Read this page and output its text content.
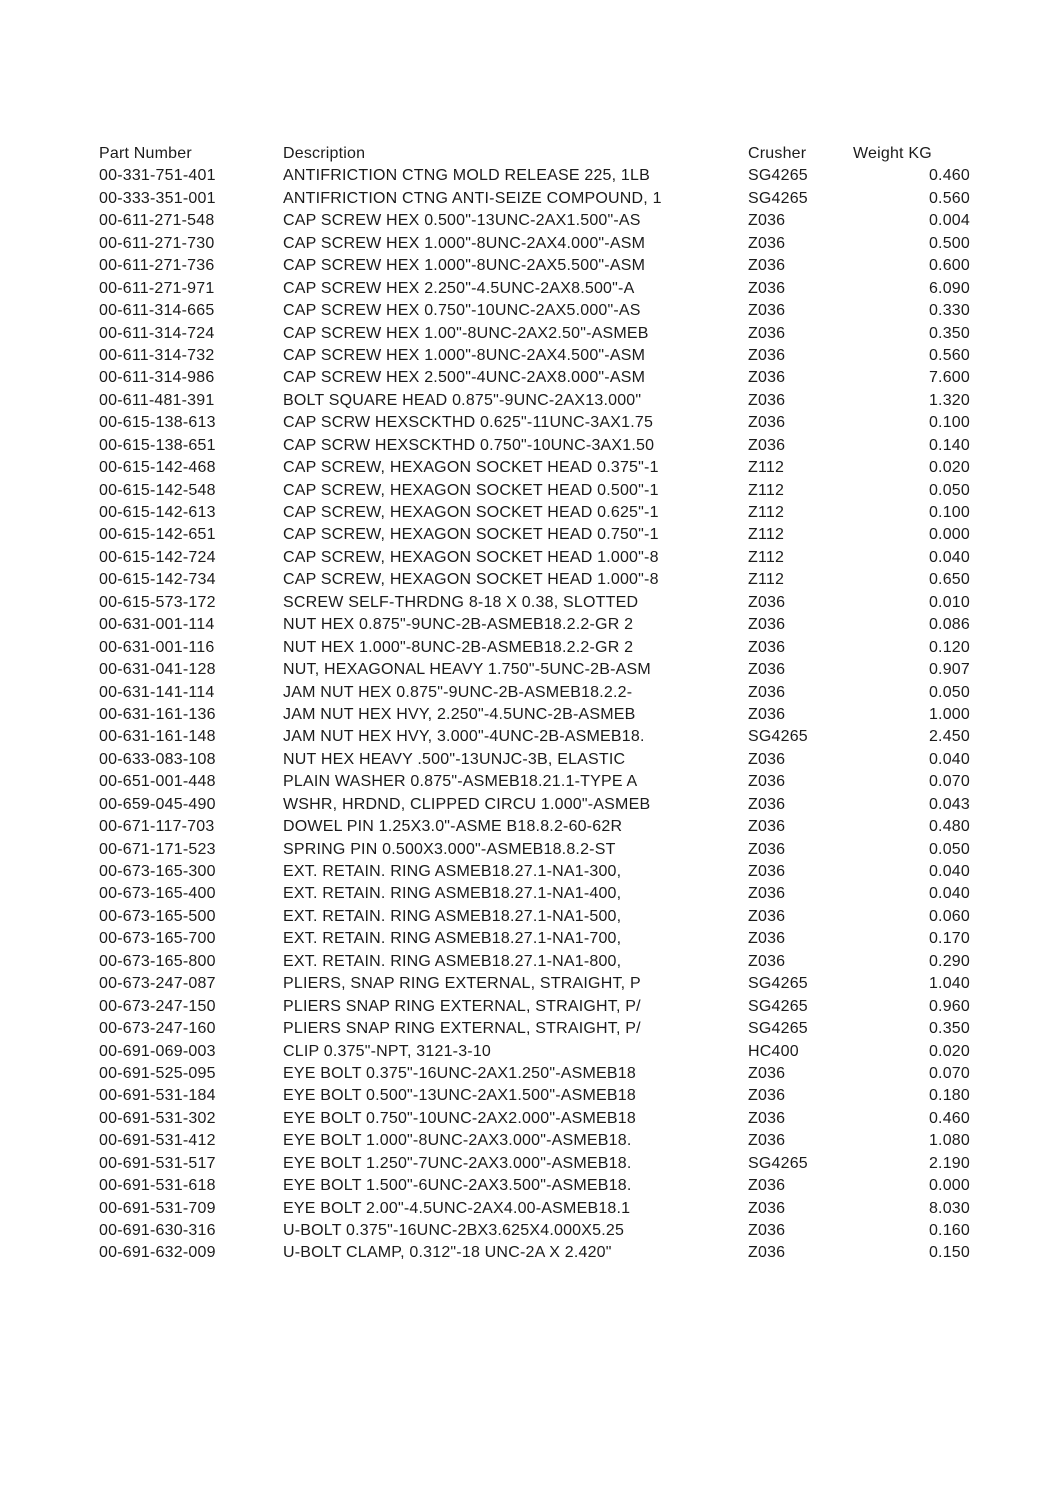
Part Number	Description	Crusher	Weight KG
00-331-751-401	ANTIFRICTION CTNG MOLD RELEASE 225, 1LB	SG4265	0.460
00-333-351-001	ANTIFRICTION CTNG ANTI-SEIZE COMPOUND, 1	SG4265	0.560
00-611-271-548	CAP SCREW HEX 0.500"-13UNC-2AX1.500"-AS	Z036	0.004
00-611-271-730	CAP SCREW HEX 1.000"-8UNC-2AX4.000"-ASM	Z036	0.500
00-611-271-736	CAP SCREW HEX 1.000"-8UNC-2AX5.500"-ASM	Z036	0.600
00-611-271-971	CAP SCREW HEX 2.250"-4.5UNC-2AX8.500"-A	Z036	6.090
00-611-314-665	CAP SCREW HEX 0.750"-10UNC-2AX5.000"-AS	Z036	0.330
00-611-314-724	CAP SCREW HEX 1.00"-8UNC-2AX2.50"-ASMEB	Z036	0.350
00-611-314-732	CAP SCREW HEX 1.000"-8UNC-2AX4.500"-ASM	Z036	0.560
00-611-314-986	CAP SCREW HEX 2.500"-4UNC-2AX8.000"-ASM	Z036	7.600
00-611-481-391	BOLT SQUARE HEAD 0.875"-9UNC-2AX13.000"	Z036	1.320
00-615-138-613	CAP SCRW HEXSCKTHD 0.625"-11UNC-3AX1.75	Z036	0.100
00-615-138-651	CAP SCRW HEXSCKTHD 0.750"-10UNC-3AX1.50	Z036	0.140
00-615-142-468	CAP SCREW, HEXAGON SOCKET HEAD 0.375"-1	Z112	0.020
00-615-142-548	CAP SCREW, HEXAGON SOCKET HEAD 0.500"-1	Z112	0.050
00-615-142-613	CAP SCREW, HEXAGON SOCKET HEAD 0.625"-1	Z112	0.100
00-615-142-651	CAP SCREW, HEXAGON SOCKET HEAD 0.750"-1	Z112	0.000
00-615-142-724	CAP SCREW, HEXAGON SOCKET HEAD 1.000"-8	Z112	0.040
00-615-142-734	CAP SCREW, HEXAGON SOCKET HEAD 1.000"-8	Z112	0.650
00-615-573-172	SCREW SELF-THRDNG 8-18 X 0.38, SLOTTED	Z036	0.010
00-631-001-114	NUT HEX 0.875"-9UNC-2B-ASMEB18.2.2-GR 2	Z036	0.086
00-631-001-116	NUT HEX 1.000"-8UNC-2B-ASMEB18.2.2-GR 2	Z036	0.120
00-631-041-128	NUT, HEXAGONAL HEAVY 1.750"-5UNC-2B-ASM	Z036	0.907
00-631-141-114	JAM NUT HEX 0.875"-9UNC-2B-ASMEB18.2.2-	Z036	0.050
00-631-161-136	JAM NUT HEX HVY, 2.250"-4.5UNC-2B-ASMEB	Z036	1.000
00-631-161-148	JAM NUT HEX HVY, 3.000"-4UNC-2B-ASMEB18.	SG4265	2.450
00-633-083-108	NUT HEX HEAVY .500"-13UNJC-3B, ELASTIC	Z036	0.040
00-651-001-448	PLAIN WASHER 0.875"-ASMEB18.21.1-TYPE A	Z036	0.070
00-659-045-490	WSHR, HRDND, CLIPPED CIRCU 1.000"-ASMEB	Z036	0.043
00-671-117-703	DOWEL PIN 1.25X3.0"-ASME B18.8.2-60-62R	Z036	0.480
00-671-171-523	SPRING PIN 0.500X3.000"-ASMEB18.8.2-ST	Z036	0.050
00-673-165-300	EXT. RETAIN. RING ASMEB18.27.1-NA1-300,	Z036	0.040
00-673-165-400	EXT. RETAIN. RING ASMEB18.27.1-NA1-400,	Z036	0.040
00-673-165-500	EXT. RETAIN. RING ASMEB18.27.1-NA1-500,	Z036	0.060
00-673-165-700	EXT. RETAIN. RING ASMEB18.27.1-NA1-700,	Z036	0.170
00-673-165-800	EXT. RETAIN. RING ASMEB18.27.1-NA1-800,	Z036	0.290
00-673-247-087	PLIERS, SNAP RING EXTERNAL, STRAIGHT, P	SG4265	1.040
00-673-247-150	PLIERS SNAP RING EXTERNAL, STRAIGHT, P/	SG4265	0.960
00-673-247-160	PLIERS SNAP RING EXTERNAL, STRAIGHT, P/	SG4265	0.350
00-691-069-003	CLIP 0.375"-NPT, 3121-3-10	HC400	0.020
00-691-525-095	EYE BOLT 0.375"-16UNC-2AX1.250"-ASMEB18	Z036	0.070
00-691-531-184	EYE BOLT 0.500"-13UNC-2AX1.500"-ASMEB18	Z036	0.180
00-691-531-302	EYE BOLT 0.750"-10UNC-2AX2.000"-ASMEB18	Z036	0.460
00-691-531-412	EYE BOLT 1.000"-8UNC-2AX3.000"-ASMEB18.	Z036	1.080
00-691-531-517	EYE BOLT 1.250"-7UNC-2AX3.000"-ASMEB18.	SG4265	2.190
00-691-531-618	EYE BOLT 1.500"-6UNC-2AX3.500"-ASMEB18.	Z036	0.000
00-691-531-709	EYE BOLT 2.00"-4.5UNC-2AX4.00-ASMEB18.1	Z036	8.030
00-691-630-316	U-BOLT 0.375"-16UNC-2BX3.625X4.000X5.25	Z036	0.160
00-691-632-009	U-BOLT CLAMP, 0.312"-18 UNC-2A X 2.420"	Z036	0.150
